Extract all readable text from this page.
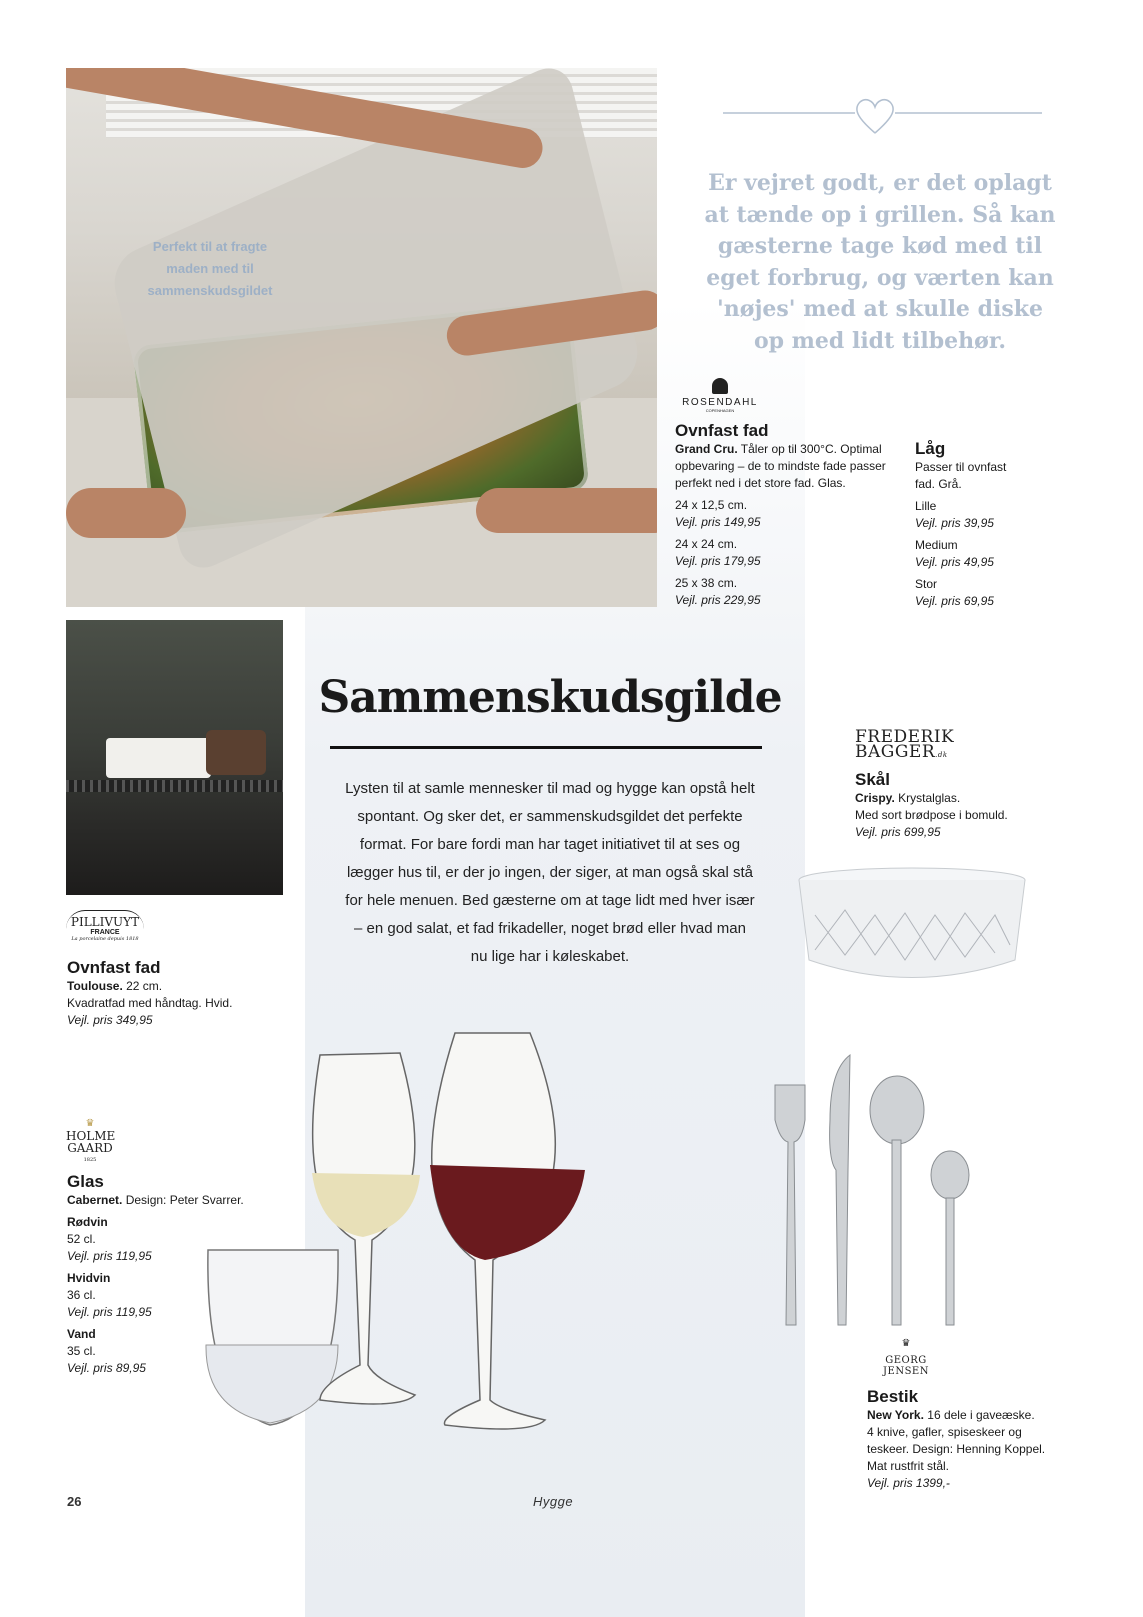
Perfekt til at fragte maden med til sammenskudsgildet
Er vejret godt, er det oplagt at tænde op i grillen. Så kan gæsterne tage kød med til eget forbrug, og værten kan 'nøjes' med at skulle diske op med lidt tilbehør.
ROSENDAHL
COPENHAGEN
Ovnfast fad
Grand Cru. Tåler op til 300°C. Optimal opbevaring – de to mindste fade passer perfekt ned i det store fad. Glas.
24 x 12,5 cm.
Vejl. pris 149,95
24 x 24 cm.
Vejl. pris 179,95
25 x 38 cm.
Vejl. pris 229,95
Låg
Passer til ovnfast fad. Grå.
Lille
Vejl. pris 39,95
Medium
Vejl. pris 49,95
Stor
Vejl. pris 69,95
PILLIVUYT
FRANCE
La porcelaine depuis 1818
Ovnfast fad
Toulouse. 22 cm.
Kvadratfad med håndtag. Hvid.
Vejl. pris 349,95
Sammenskudsgilde
Lysten til at samle mennesker til mad og hygge kan opstå helt spontant. Og sker det, er sammenskudsgildet det perfekte format. For bare fordi man har taget initiativet til at ses og lægger hus til, er der jo ingen, der siger, at man også skal stå for hele menuen. Bed gæsterne om at tage lidt med hver især – en god salat, et fad frikadeller, noget brød eller hvad man nu lige har i køleskabet.
FREDERIK
BAGGER.dk
Skål
Crispy. Krystalglas.
Med sort brødpose i bomuld.
Vejl. pris 699,95
♛
HOLME
GAARD
1825
Glas
Cabernet. Design: Peter Svarrer.
Rødvin
52 cl.
Vejl. pris 119,95
Hvidvin
36 cl.
Vejl. pris 119,95
Vand
35 cl.
Vejl. pris 89,95
♛
GEORG JENSEN
Bestik
New York. 16 dele i gaveæske.
4 knive, gafler, spiseskeer og teskeer. Design: Henning Koppel.
Mat rustfrit stål.
Vejl. pris 1399,-
26	Hygge
